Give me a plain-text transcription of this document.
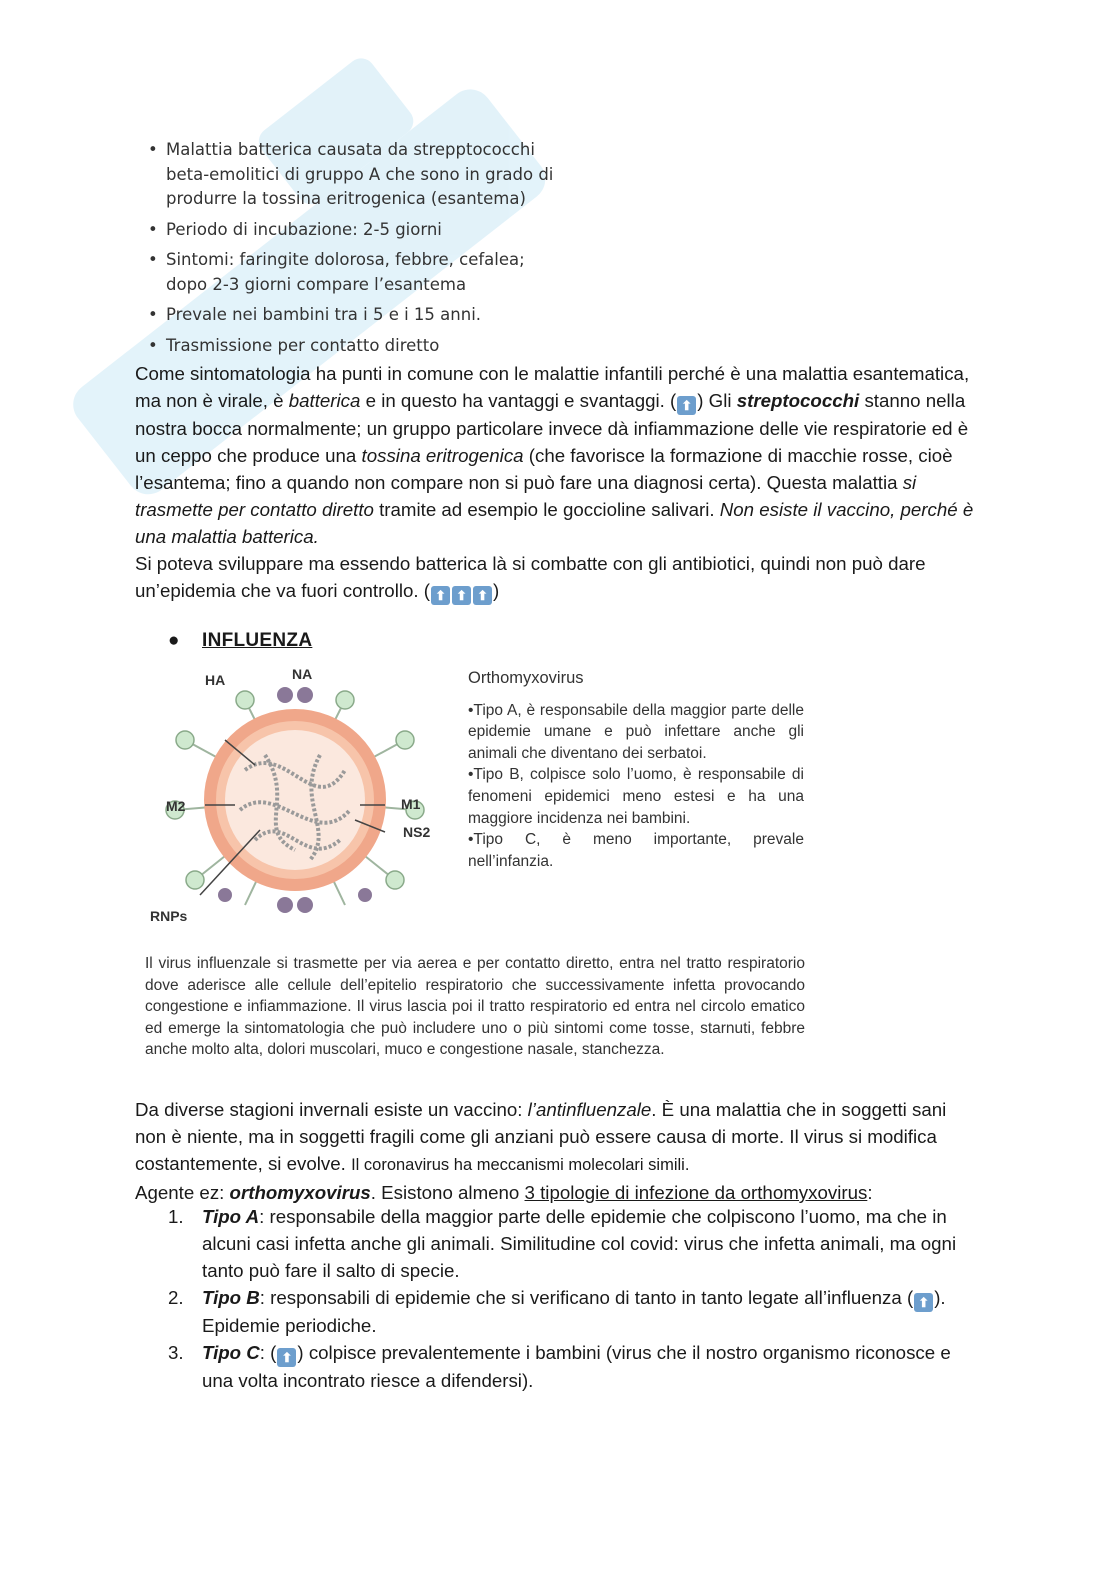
• Malattia batterica causata da strepptococchi beta-emolitici di gruppo A che sono in grado di produrre la tossina eritrogenica (esantema)
• Periodo di incubazione: 2-5 giorni
• Sintomi: faringite dolorosa, febbre, cefalea; dopo 2-3 giorni compare l’esantema
• Prevale nei bambini tra i 5 e i 15 anni.
• Trasmissione per contatto diretto

Come sintomatologia ha punti in comune con le malattie infantili perché è una malattia esantematica, ma non è virale, è batterica e in questo ha vantaggi e svantaggi. ( ⬆ ) Gli streptococchi stanno nella nostra bocca normalmente; un gruppo particolare invece dà infiammazione delle vie respiratorie ed è un ceppo che produce una tossina eritrogenica (che favorisce la formazione di macchie rosse, cioè l’esantema; fino a quando non compare non si può fare una diagnosi certa). Questa malattia si trasmette per contatto diretto tramite ad esempio le goccioline salivari. Non esiste il vaccino, perché è una malattia batterica.
Si poteva sviluppare ma essendo batterica là si combatte con gli antibiotici, quindi non può dare un’epidemia che va fuori controllo. ( ⬆ ⬆ ⬆ )

● INFLUENZA
HA	NA
M2	M1
NS2
RNPs
Orthomyxovirus

•Tipo A, è responsabile della maggior parte delle epidemie umane e può infettare anche gli animali che diventano dei serbatoi.

•Tipo B, colpisce solo l’uomo, è responsabile di fenomeni epidemici meno estesi e ha una maggiore incidenza nei bambini.

•Tipo C, è meno importante, prevale nell’infanzia.

Il virus influenzale si trasmette per via aerea e per contatto diretto, entra nel tratto respiratorio dove aderisce alle cellule dell’epitelio respiratorio che successivamente infetta provocando congestione e infiammazione. Il virus lascia poi il tratto respiratorio ed entra nel circolo ematico ed emerge la sintomatologia che può includere uno o più sintomi come tosse, starnuti, febbre anche molto alta, dolori muscolari, muco e congestione nasale, stanchezza.

Da diverse stagioni invernali esiste un vaccino: l’antinfluenzale. È una malattia che in soggetti sani non è niente, ma in soggetti fragili come gli anziani può essere causa di morte. Il virus si modifica costantemente, si evolve. Il coronavirus ha meccanismi molecolari simili.
Agente ez: orthomyxovirus. Esistono almeno 3 tipologie di infezione da orthomyxovirus:

1. Tipo A: responsabile della maggior parte delle epidemie che colpiscono l’uomo, ma che in alcuni casi infetta anche gli animali. Similitudine col covid: virus che infetta animali, ma ogni tanto può fare il salto di specie.
2. Tipo B: responsabili di epidemie che si verificano di tanto in tanto legate all’influenza ( ⬆ ). Epidemie periodiche.
3. Tipo C: ( ⬆ ) colpisce prevalentemente i bambini (virus che il nostro organismo riconosce e una volta incontrato riesce a difendersi).
